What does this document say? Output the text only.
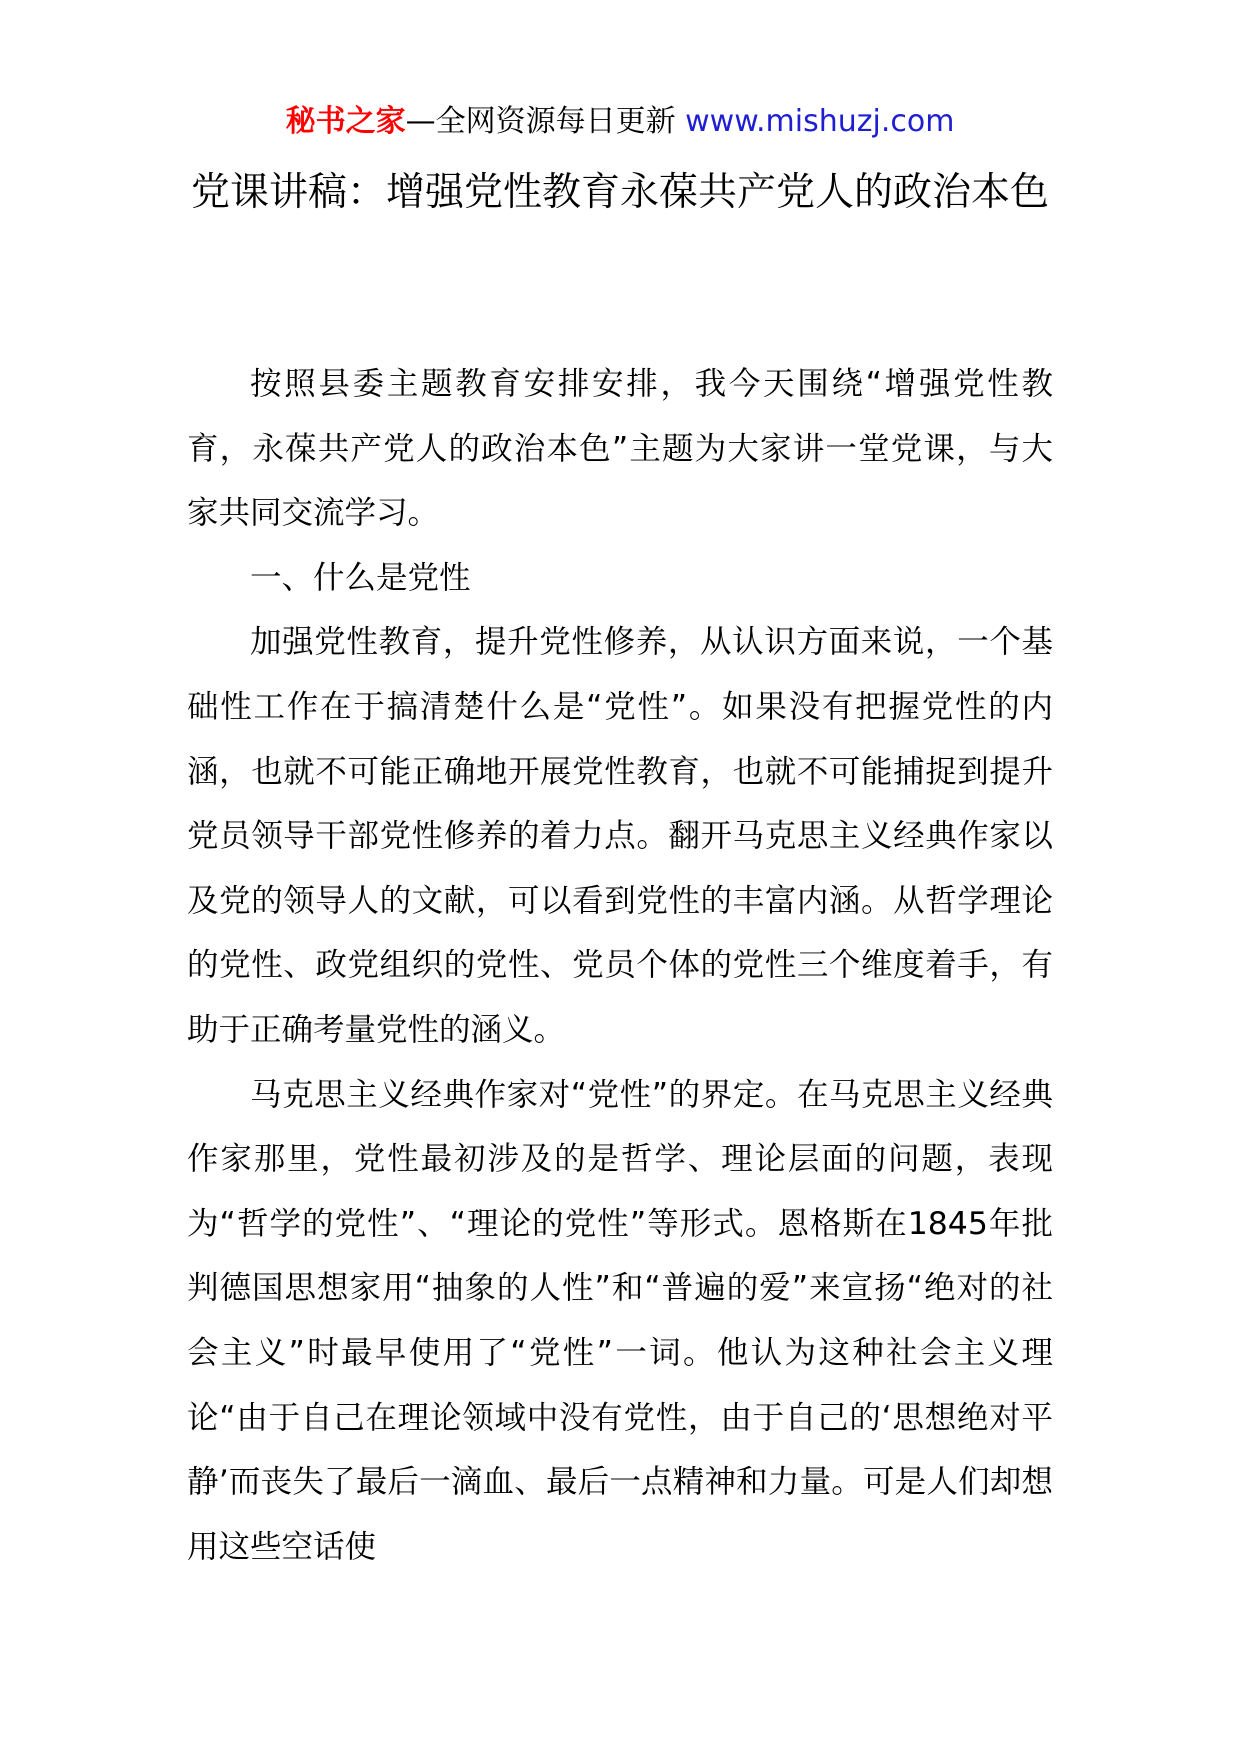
秘书之家—全网资源每日更新 www.mishuzj.com
党课讲稿：增强党性教育永葆共产党人的政治本色

按照县委主题教育安排安排，我今天围绕“增强党性教育，永葆共产党人的政治本色”主题为大家讲一堂党课，与大家共同交流学习。

一、什么是党性

加强党性教育，提升党性修养，从认识方面来说，一个基础性工作在于搞清楚什么是“党性”。如果没有把握党性的内涵，也就不可能正确地开展党性教育，也就不可能捕捉到提升党员领导干部党性修养的着力点。翻开马克思主义经典作家以及党的领导人的文献，可以看到党性的丰富内涵。从哲学理论的党性、政党组织的党性、党员个体的党性三个维度着手，有助于正确考量党性的涵义。

马克思主义经典作家对“党性”的界定。在马克思主义经典作家那里，党性最初涉及的是哲学、理论层面的问题，表现为“哲学的党性”、“理论的党性”等形式。恩格斯在1845年批判德国思想家用“抽象的人性”和“普遍的爱”来宣扬“绝对的社会主义”时最早使用了“党性”一词。他认为这种社会主义理论“由于自己在理论领域中没有党性，由于自己的‘思想绝对平静’而丧失了最后一滴血、最后一点精神和力量。可是人们却想用这些空话使
